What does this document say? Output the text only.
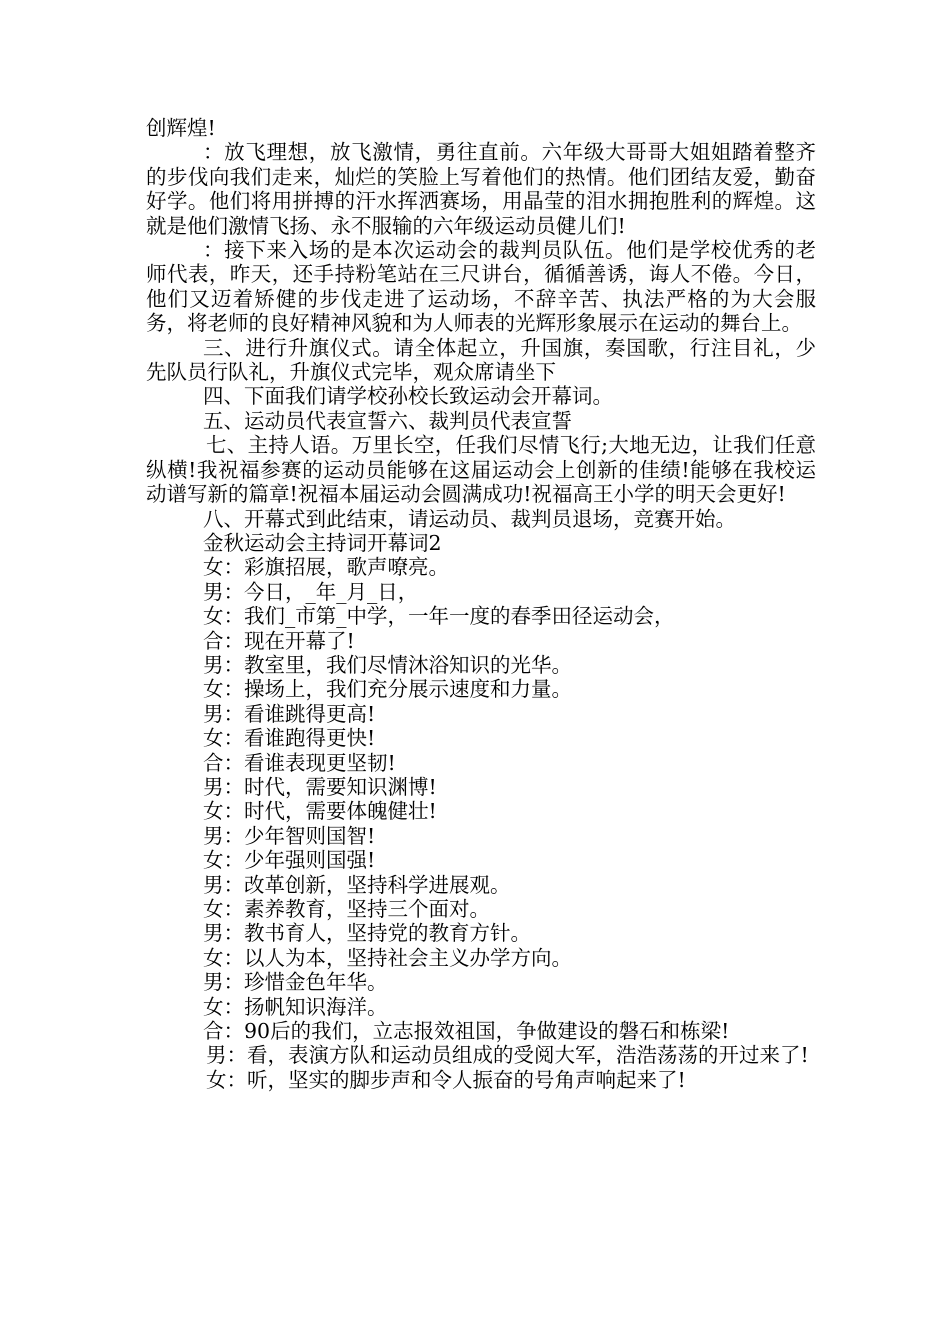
创辉煌!

：放飞理想，放飞激情，勇往直前。六年级大哥哥大姐姐踏着整齐的步伐向我们走来，灿烂的笑脸上写着他们的热情。他们团结友爱，勤奋好学。他们将用拼搏的汗水挥洒赛场，用晶莹的泪水拥抱胜利的辉煌。这就是他们激情飞扬、永不服输的六年级运动员健儿们!

：接下来入场的是本次运动会的裁判员队伍。他们是学校优秀的老师代表，昨天，还手持粉笔站在三尺讲台，循循善诱，诲人不倦。今日，他们又迈着矫健的步伐走进了运动场，不辞辛苦、执法严格的为大会服务，将老师的良好精神风貌和为人师表的光辉形象展示在运动的舞台上。

三、进行升旗仪式。请全体起立，升国旗，奏国歌，行注目礼，少先队员行队礼，升旗仪式完毕，观众席请坐下

四、下面我们请学校孙校长致运动会开幕词。

五、运动员代表宣誓六、裁判员代表宣誓

七、主持人语。万里长空，任我们尽情飞行;大地无边，让我们任意纵横!我祝福参赛的运动员能够在这届运动会上创新的佳绩!能够在我校运动谱写新的篇章!祝福本届运动会圆满成功!祝福高王小学的明天会更好!

八、开幕式到此结束，请运动员、裁判员退场，竞赛开始。

金秋运动会主持词开幕词2

女：彩旗招展，歌声嘹亮。

男：今日，_年_月_日，

女：我们_市第_中学，一年一度的春季田径运动会，

合：现在开幕了!

男：教室里，我们尽情沐浴知识的光华。

女：操场上，我们充分展示速度和力量。

男：看谁跳得更高!

女：看谁跑得更快!

合：看谁表现更坚韧!

男：时代，需要知识渊博!

女：时代，需要体魄健壮!

男：少年智则国智!

女：少年强则国强!

男：改革创新，坚持科学进展观。

女：素养教育，坚持三个面对。

男：教书育人，坚持党的教育方针。

女：以人为本，坚持社会主义办学方向。

男：珍惜金色年华。

女：扬帆知识海洋。

合：90后的我们，立志报效祖国，争做建设的磐石和栋梁!

男：看，表演方队和运动员组成的受阅大军，浩浩荡荡的开过来了!

女：听，坚实的脚步声和令人振奋的号角声响起来了!
